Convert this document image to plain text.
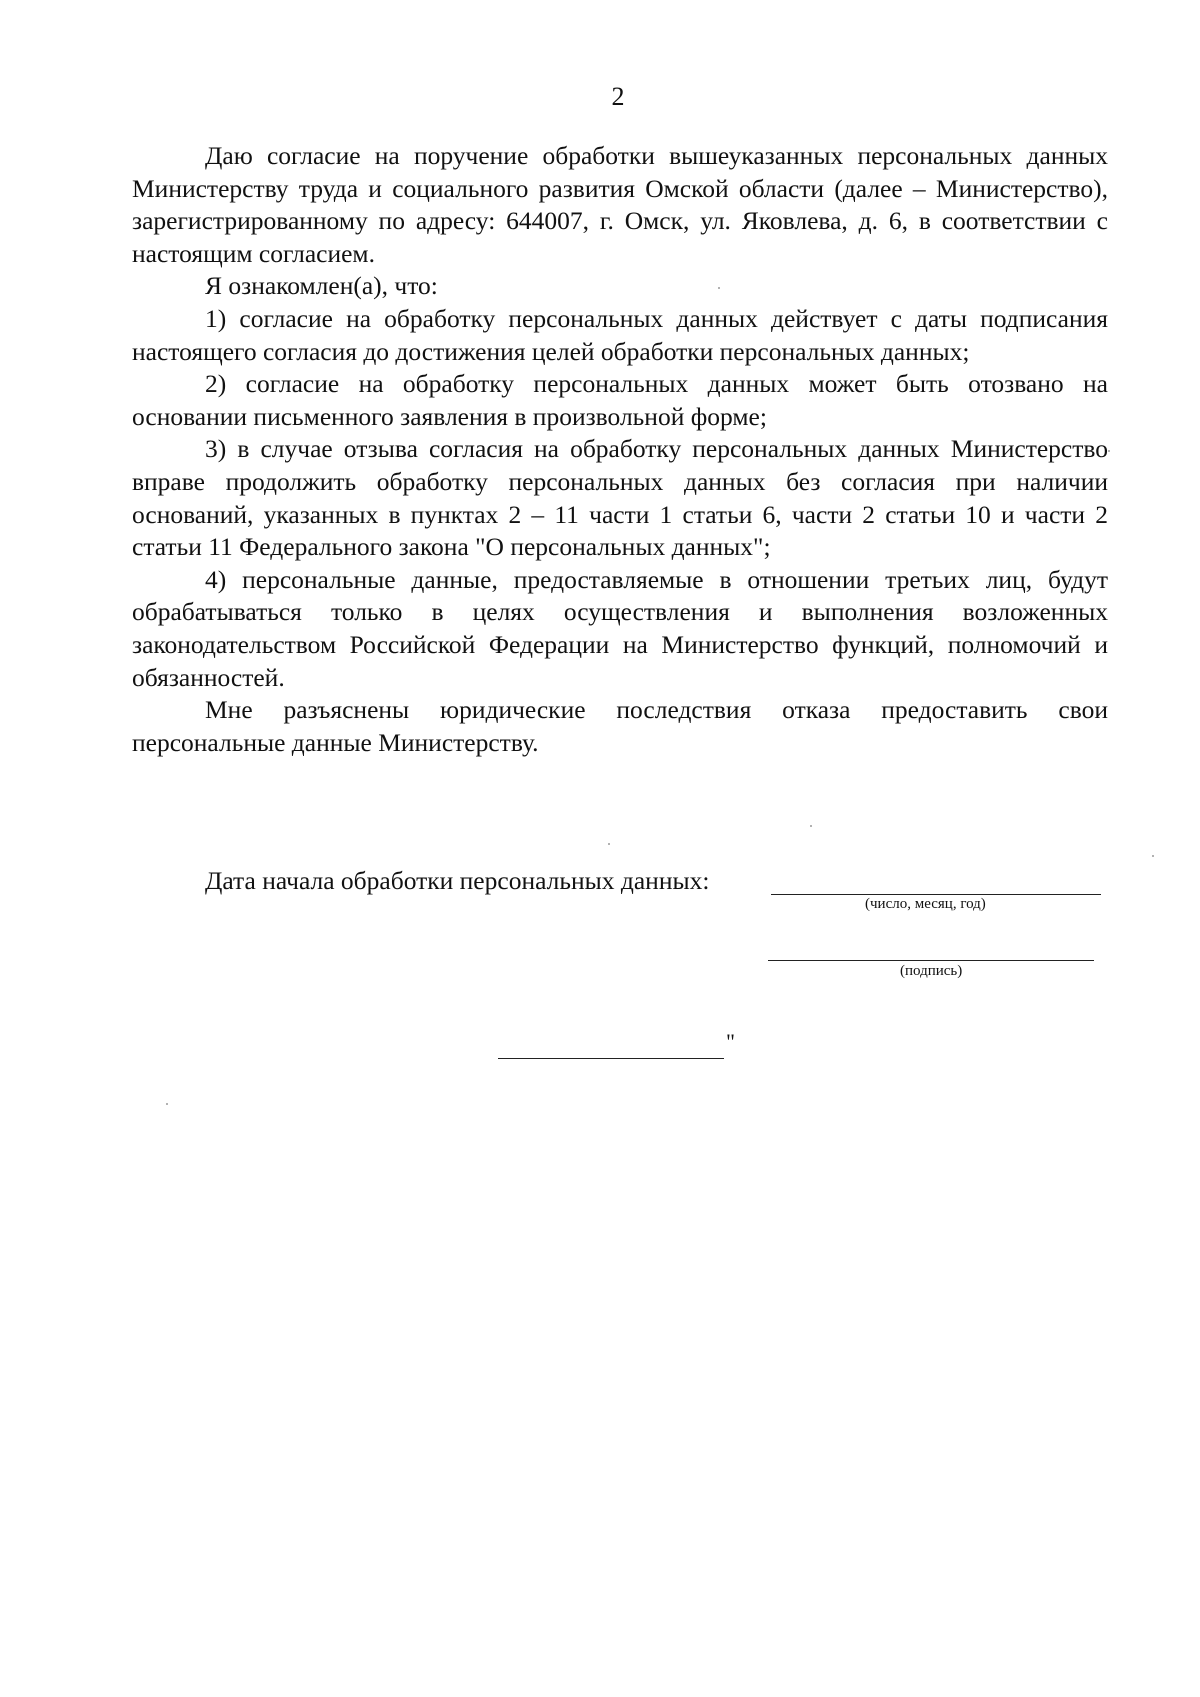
2

Даю согласие на поручение обработки вышеуказанных персональных данных Министерству труда и социального развития Омской области (далее – Министерство), зарегистрированному по адресу: 644007, г. Омск, ул. Яковлева, д. 6, в соответствии с настоящим согласием.

Я ознакомлен(а), что:

1) согласие на обработку персональных данных действует с даты подписания настоящего согласия до достижения целей обработки персональных данных;

2) согласие на обработку персональных данных может быть отозвано на основании письменного заявления в произвольной форме;

3) в случае отзыва согласия на обработку персональных данных Министерство вправе продолжить обработку персональных данных без согласия при наличии оснований, указанных в пунктах 2 – 11 части 1 статьи 6, части 2 статьи 10 и части 2 статьи 11 Федерального закона "О персональных данных";

4) персональные данные, предоставляемые в отношении третьих лиц, будут обрабатываться только в целях осуществления и выполнения возложенных законодательством Российской Федерации на Министерство функций, полномочий и обязанностей.

Мне разъяснены юридические последствия отказа предоставить свои персональные данные Министерству.

Дата начала обработки персональных данных:
(число, месяц, год)
(подпись)
"
